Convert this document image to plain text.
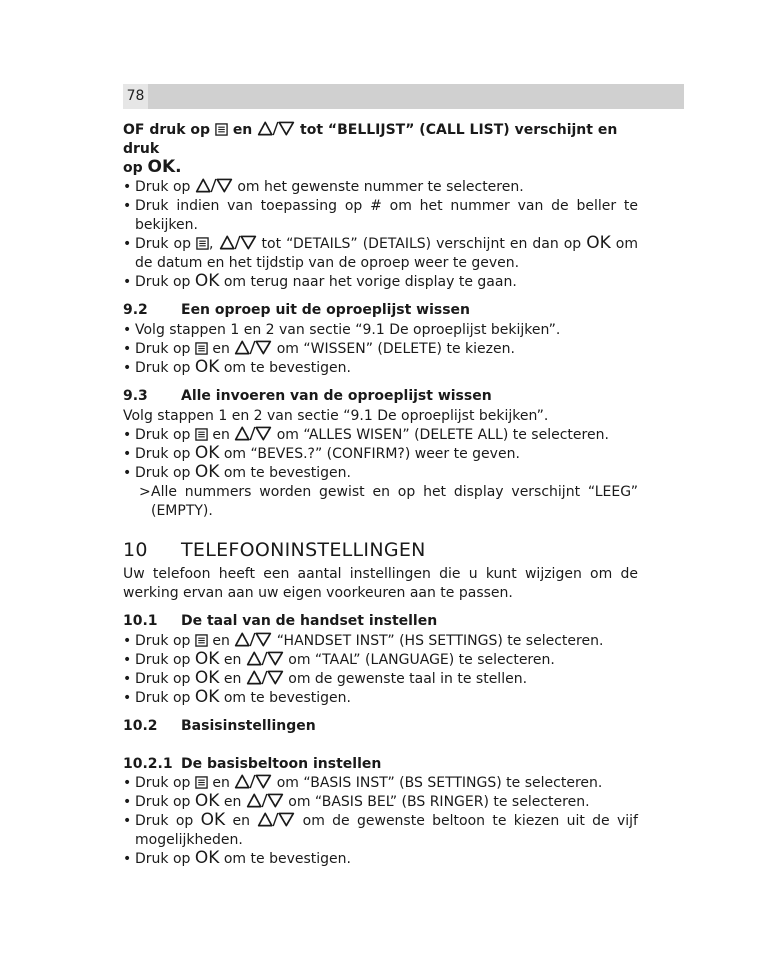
78

OF druk op en	tot “BELLIJST” (CALL LIST) verschijnt en druk
op OK.

• Druk op	om het gewenste nummer te selecteren.
• Druk indien van toepassing op # om het nummer van de beller te bekijken.
• Druk op ,	tot “DETAILS” (DETAILS) verschijnt en dan op OK om de datum en het tijdstip van de oproep weer te geven.
• Druk op OK om terug naar het vorige display te gaan.
9.2	Een oproep uit de oproeplijst wissen
• Volg stappen 1 en 2 van sectie “9.1 De oproeplijst bekijken”.
• Druk op en	om “WISSEN” (DELETE) te kiezen.
• Druk op OK om te bevestigen.
9.3	Alle invoeren van de oproeplijst wissen

Volg stappen 1 en 2 van sectie “9.1 De oproeplijst bekijken”.

• Druk op en	om “ALLES WISEN” (DELETE ALL) te selecteren.
• Druk op OK om “BEVES.?” (CONFIRM?) weer te geven.
• Druk op OK om te bevestigen.
> Alle nummers worden gewist en op het display verschijnt “LEEG” (EMPTY).
10	TELEFOONINSTELLINGEN

Uw telefoon heeft een aantal instellingen die u kunt wijzigen om de werking ervan aan uw eigen voorkeuren aan te passen.

10.1	De taal van de handset instellen
• Druk op en	“HANDSET INST” (HS SETTINGS) te selecteren.
• Druk op OK en	om “TAAL” (LANGUAGE) te selecteren.
• Druk op OK en	om de gewenste taal in te stellen.
• Druk op OK om te bevestigen.
10.2	Basisinstellingen
10.2.1 De basisbeltoon instellen
• Druk op en	om “BASIS INST” (BS SETTINGS) te selecteren.
• Druk op OK en	om “BASIS BEL” (BS RINGER) te selecteren.
• Druk op OK en	om de gewenste beltoon te kiezen uit de vijf mogelijkheden.
• Druk op OK om te bevestigen.
